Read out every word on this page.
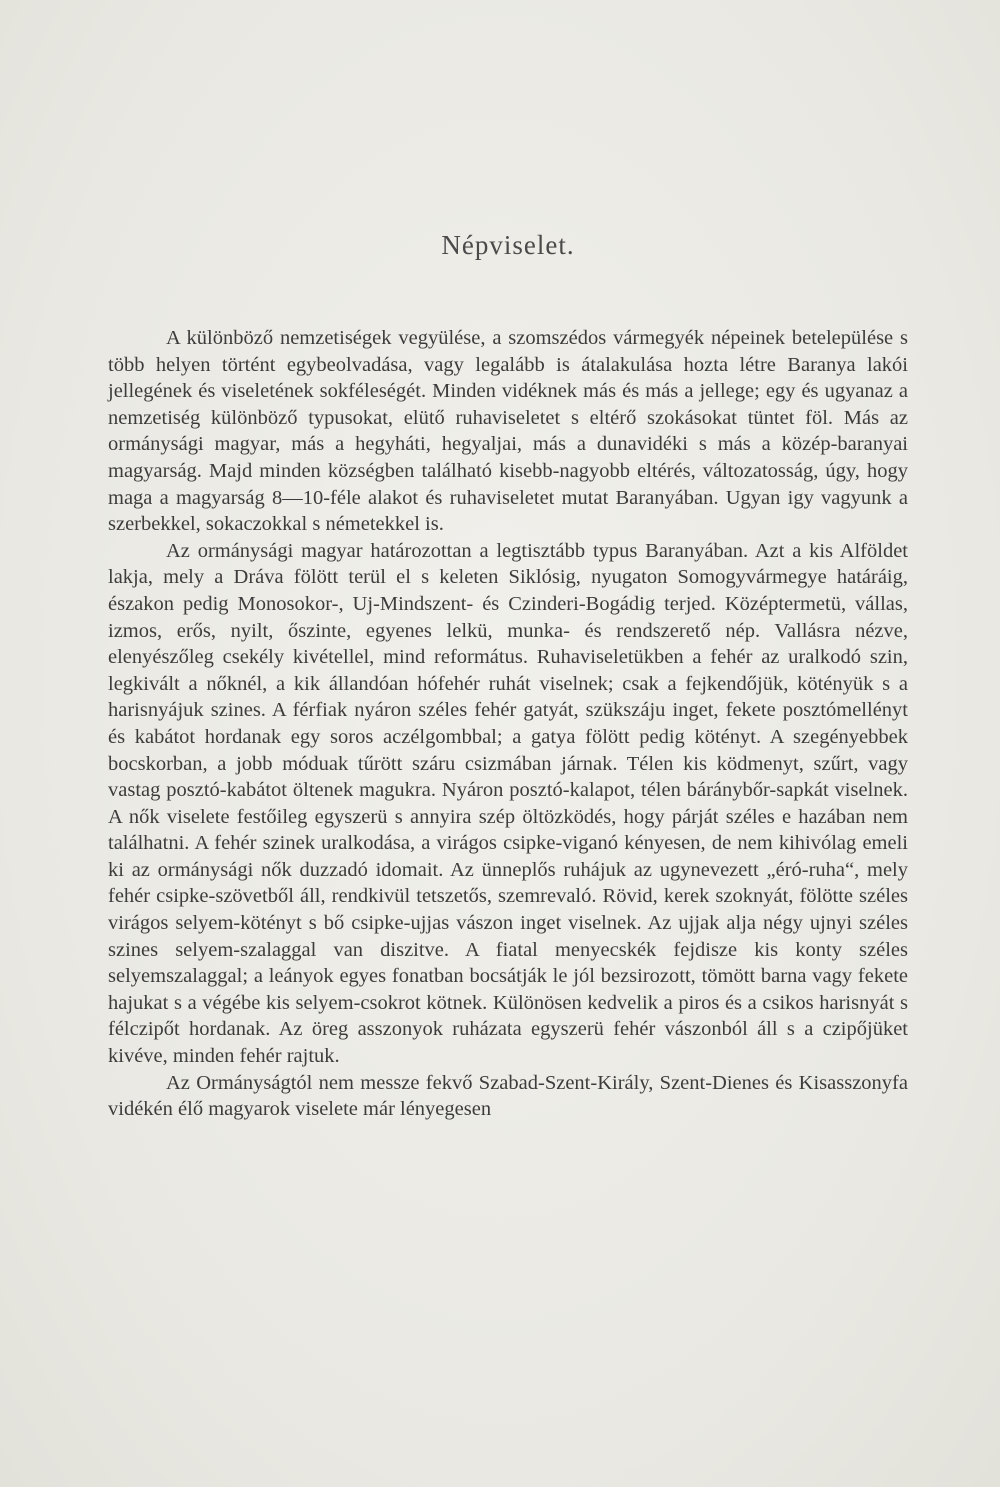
Népviselet.

A különböző nemzetiségek vegyülése, a szomszédos vármegyék népeinek betelepülése s több helyen történt egybeolvadása, vagy legalább is átalakulása hozta létre Baranya lakói jellegének és viseletének sokféleségét. Minden vidéknek más és más a jellege; egy és ugyanaz a nemzetiség különböző typusokat, elütő ruhaviseletet s eltérő szokásokat tüntet föl. Más az ormánysági magyar, más a hegyháti, hegyaljai, más a dunavidéki s más a közép-baranyai magyarság. Majd minden községben található kisebb-nagyobb eltérés, változatosság, úgy, hogy maga a magyarság 8—10-féle alakot és ruhaviseletet mutat Baranyában. Ugyan igy vagyunk a szerbekkel, sokaczokkal s németekkel is.

Az ormánysági magyar határozottan a legtisztább typus Baranyában. Azt a kis Alföldet lakja, mely a Dráva fölött terül el s keleten Siklósig, nyugaton Somogyvármegye határáig, északon pedig Monosokor-, Uj-Mindszent- és Czinderi-Bogádig terjed. Középtermetü, vállas, izmos, erős, nyilt, őszinte, egyenes lelkü, munka- és rendszerető nép. Vallásra nézve, elenyészőleg csekély kivétellel, mind református. Ruhaviseletükben a fehér az uralkodó szin, legkivált a nőknél, a kik állandóan hófehér ruhát viselnek; csak a fejkendőjük, kötényük s a harisnyájuk szines. A férfiak nyáron széles fehér gatyát, szükszáju inget, fekete posztómellényt és kabátot hordanak egy soros aczélgombbal; a gatya fölött pedig kötényt. A szegényebbek bocskorban, a jobb móduak tűrött száru csizmában járnak. Télen kis ködmenyt, szűrt, vagy vastag posztó-kabátot öltenek magukra. Nyáron posztó-kalapot, télen báránybőr-sapkát viselnek. A nők viselete festőileg egyszerü s annyira szép öltözködés, hogy párját széles e hazában nem találhatni. A fehér szinek uralkodása, a virágos csipke-viganó kényesen, de nem kihivólag emeli ki az ormánysági nők duzzadó idomait. Az ünneplős ruhájuk az ugynevezett „éró-ruha“, mely fehér csipke-szövetből áll, rendkivül tetszetős, szemrevaló. Rövid, kerek szoknyát, fölötte széles virágos selyem-kötényt s bő csipke-ujjas vászon inget viselnek. Az ujjak alja négy ujnyi széles szines selyem-szalaggal van diszitve. A fiatal menyecskék fejdisze kis konty széles selyemszalaggal; a leányok egyes fonatban bocsátják le jól bezsirozott, tömött barna vagy fekete hajukat s a végébe kis selyem-csokrot kötnek. Különösen kedvelik a piros és a csikos harisnyát s félczipőt hordanak. Az öreg asszonyok ruházata egyszerü fehér vászonból áll s a czipőjüket kivéve, minden fehér rajtuk.

Az Ormányságtól nem messze fekvő Szabad-Szent-Király, Szent-Dienes és Kisasszonyfa vidékén élő magyarok viselete már lényegesen
